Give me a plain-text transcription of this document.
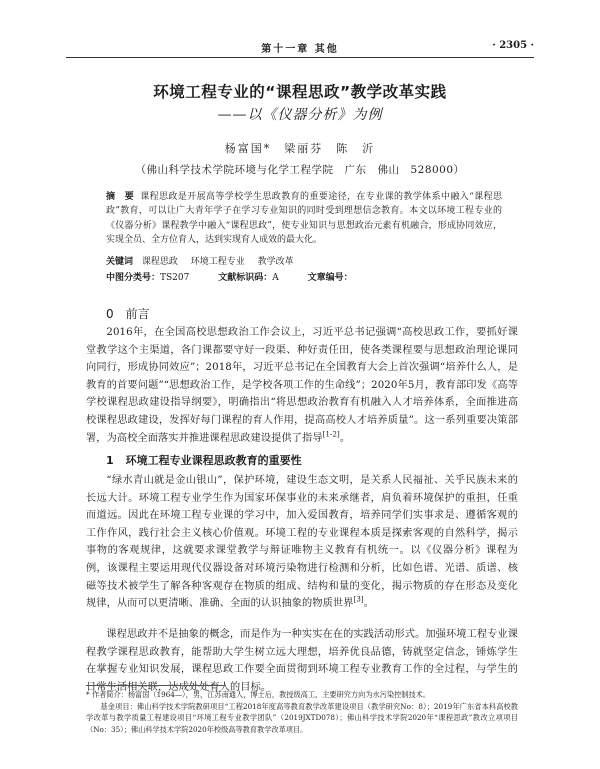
第十一章 其他	· 2305 ·
环境工程专业的“课程思政”教学改革实践
——以《仪器分析》为例
杨富国*　梁丽芬　陈　沂
（佛山科学技术学院环境与化学工程学院　广东　佛山　528000）
摘　要 课程思政是开展高等学校学生思政教育的重要途径，在专业课的教学体系中融入“课程思政”教育，可以让广大青年学子在学习专业知识的同时受到理想信念教育。本文以环境工程专业的《仪器分析》课程教学中融入“课程思政”，使专业知识与思想政治元素有机融合，形成协同效应，实现全员、全方位育人，达到实现育人成效的最大化。
关键词 课程思政 环境工程专业 教学改革
中图分类号：TS207	文献标识码：A	文章编号：
0 前言
2016年，在全国高校思想政治工作会议上，习近平总书记强调“高校思政工作，要抓好课堂教学这个主渠道，各门课都要守好一段渠、种好责任田，使各类课程要与思想政治理论课同向同行，形成协同效应”；2018年，习近平总书记在全国教育大会上首次强调“培养什么人，是教育的首要问题”“思想政治工作，是学校各项工作的生命线”；2020年5月，教育部印发《高等学校课程思政建设指导纲要》，明确指出“将思想政治教育有机融入人才培养体系，全面推进高校课程思政建设，发挥好每门课程的育人作用，提高高校人才培养质量”。这一系列重要决策部署，为高校全面落实并推进课程思政建设提供了指导[1-2]。
1 环境工程专业课程思政教育的重要性
“绿水青山就是金山银山”，保护环境，建设生态文明，是关系人民福祉、关乎民族未来的长远大计。环境工程专业学生作为国家环保事业的未来承继者，肩负着环境保护的重担，任重而道远。因此在环境工程专业课的学习中，加入爱国教育，培养同学们实事求是、遵循客观的工作作风，践行社会主义核心价值观。环境工程的专业课程本质是探索客观的自然科学，揭示事物的客观规律，这就要求课堂教学与辩证唯物主义教育有机统一。以《仪器分析》课程为例，该课程主要运用现代仪器设备对环境污染物进行检测和分析，比如色谱、光谱、质谱、核磁等技术被学生了解各种客观存在物质的组成、结构和量的变化，揭示物质的存在形态及变化规律，从而可以更清晰、准确、全面的认识抽象的物质世界[3]。
课程思政并不是抽象的概念，而是作为一种实实在在的实践活动形式。加强环境工程专业课程教学课程思政教育，能帮助大学生树立远大理想，培养优良品德，铸就坚定信念，锤炼学生在掌握专业知识发展，课程思政工作要全面贯彻到环境工程专业教育工作的全过程，与学生的日常生活相关联，达成处处育人的目标。

* 作者简介：杨富国（1964—），男，江苏南通人，博士后，教授级高工，主要研究方向为水污染控制技术。

基金项目：佛山科学技术学院教研项目“工程2018年度高等教育教学改革建设项目（教学研究No：8）；2019年广东省本科高校教学改革与教学质量工程建设项目“环境工程专业教学团队”（2019JXTD078）；佛山科学技术学院2020年“课程思政”教改立项项目（No：35）；佛山科学技术学院2020年校级高等教育教学改革项目。
